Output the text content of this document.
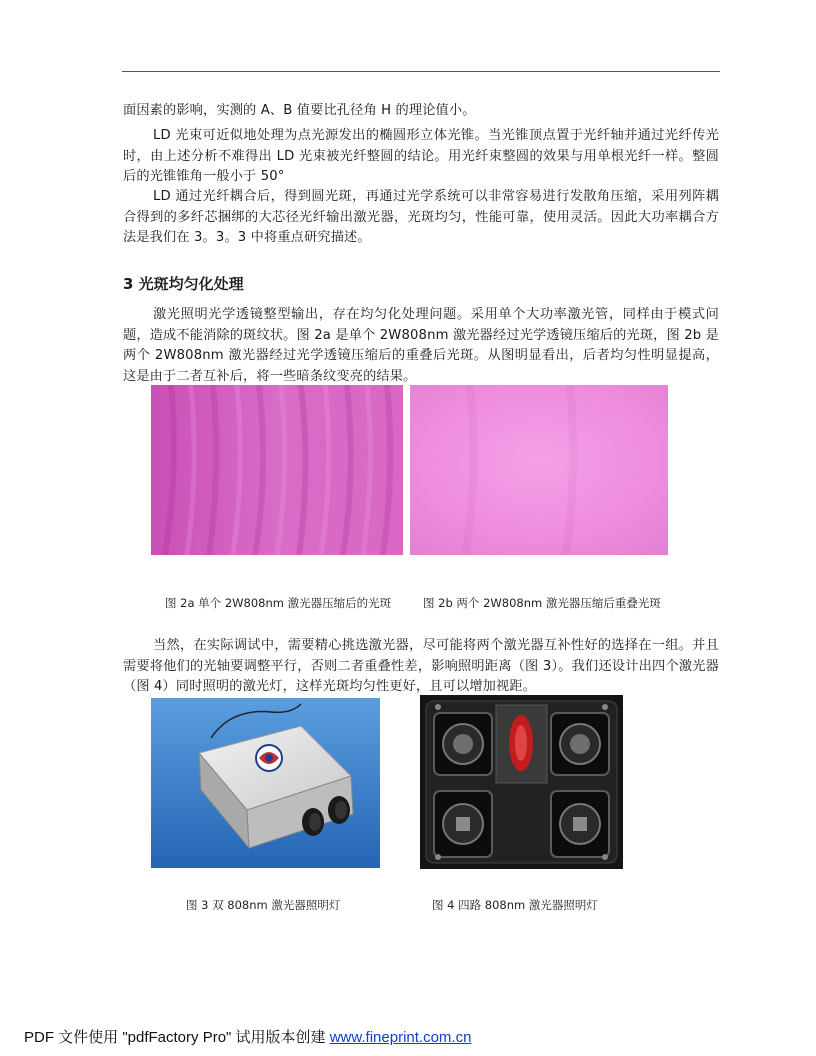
面因素的影响，实测的 A、B 值要比孔径角 H 的理论值小。

LD 光束可近似地处理为点光源发出的椭圆形立体光锥。当光锥顶点置于光纤轴并通过光纤传光时，由上述分析不难得出 LD 光束被光纤整圆的结论。用光纤束整圆的效果与用单根光纤一样。整圆后的光锥锥角一般小于 50°

LD 通过光纤耦合后，得到圆光斑，再通过光学系统可以非常容易进行发散角压缩，采用列阵耦合得到的多纤芯捆绑的大芯径光纤输出激光器，光斑均匀，性能可靠，使用灵活。因此大功率耦合方法是我们在 3。3。3 中将重点研究描述。

3 光斑均匀化处理

激光照明光学透镜整型输出，存在均匀化处理问题。采用单个大功率激光管，同样由于模式问题，造成不能消除的斑纹状。图 2a 是单个 2W808nm 激光器经过光学透镜压缩后的光斑，图 2b 是两个 2W808nm 激光器经过光学透镜压缩后的重叠后光斑。从图明显看出，后者均匀性明显提高，这是由于二者互补后，将一些暗条纹变亮的结果。

图 2a 单个 2W808nm 激光器压缩后的光斑	图 2b 两个 2W808nm 激光器压缩后重叠光斑

当然，在实际调试中，需要精心挑选激光器，尽可能将两个激光器互补性好的选择在一组。并且需要将他们的光轴要调整平行，否则二者重叠性差，影响照明距离（图 3）。我们还设计出四个激光器（图 4）同时照明的激光灯，这样光斑均匀性更好，且可以增加视距。

图 3 双 808nm 激光器照明灯	图 4 四路 808nm 激光器照明灯
PDF 文件使用 "pdfFactory Pro" 试用版本创建 www.fineprint.com.cn
